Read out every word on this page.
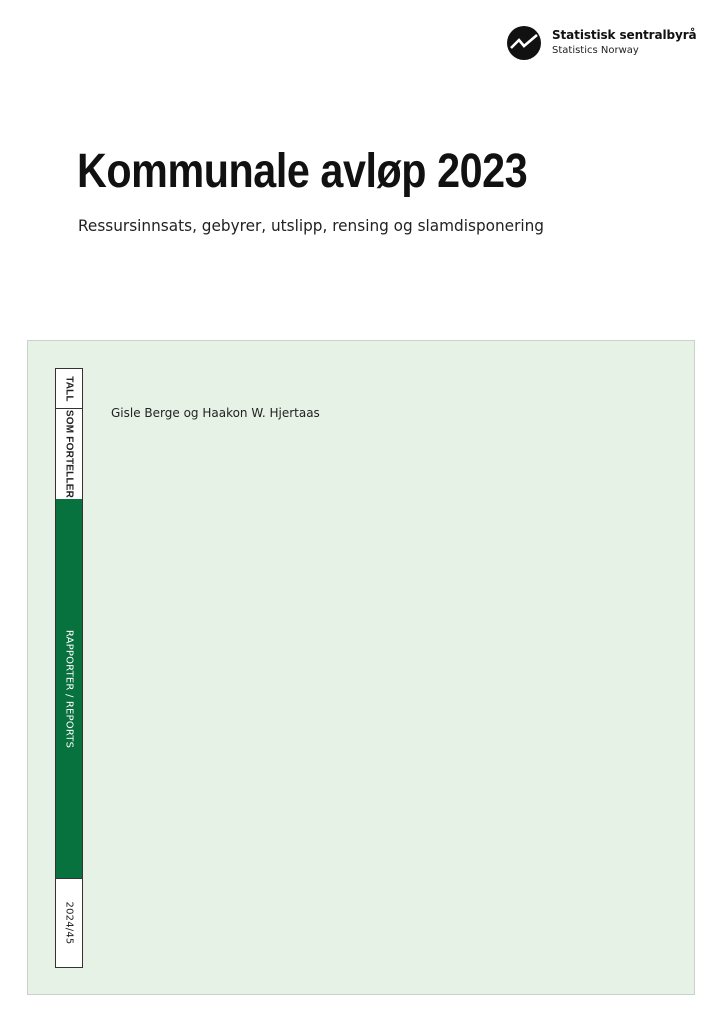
Statistisk sentralbyrå
Statistics Norway
Kommunale avløp 2023

Ressursinnsats, gebyrer, utslipp, rensing og slamdisponering

Gisle Berge og Haakon W. Hjertaas
TALL
SOM FORTELLER
RAPPORTER / REPORTS
2024/45
